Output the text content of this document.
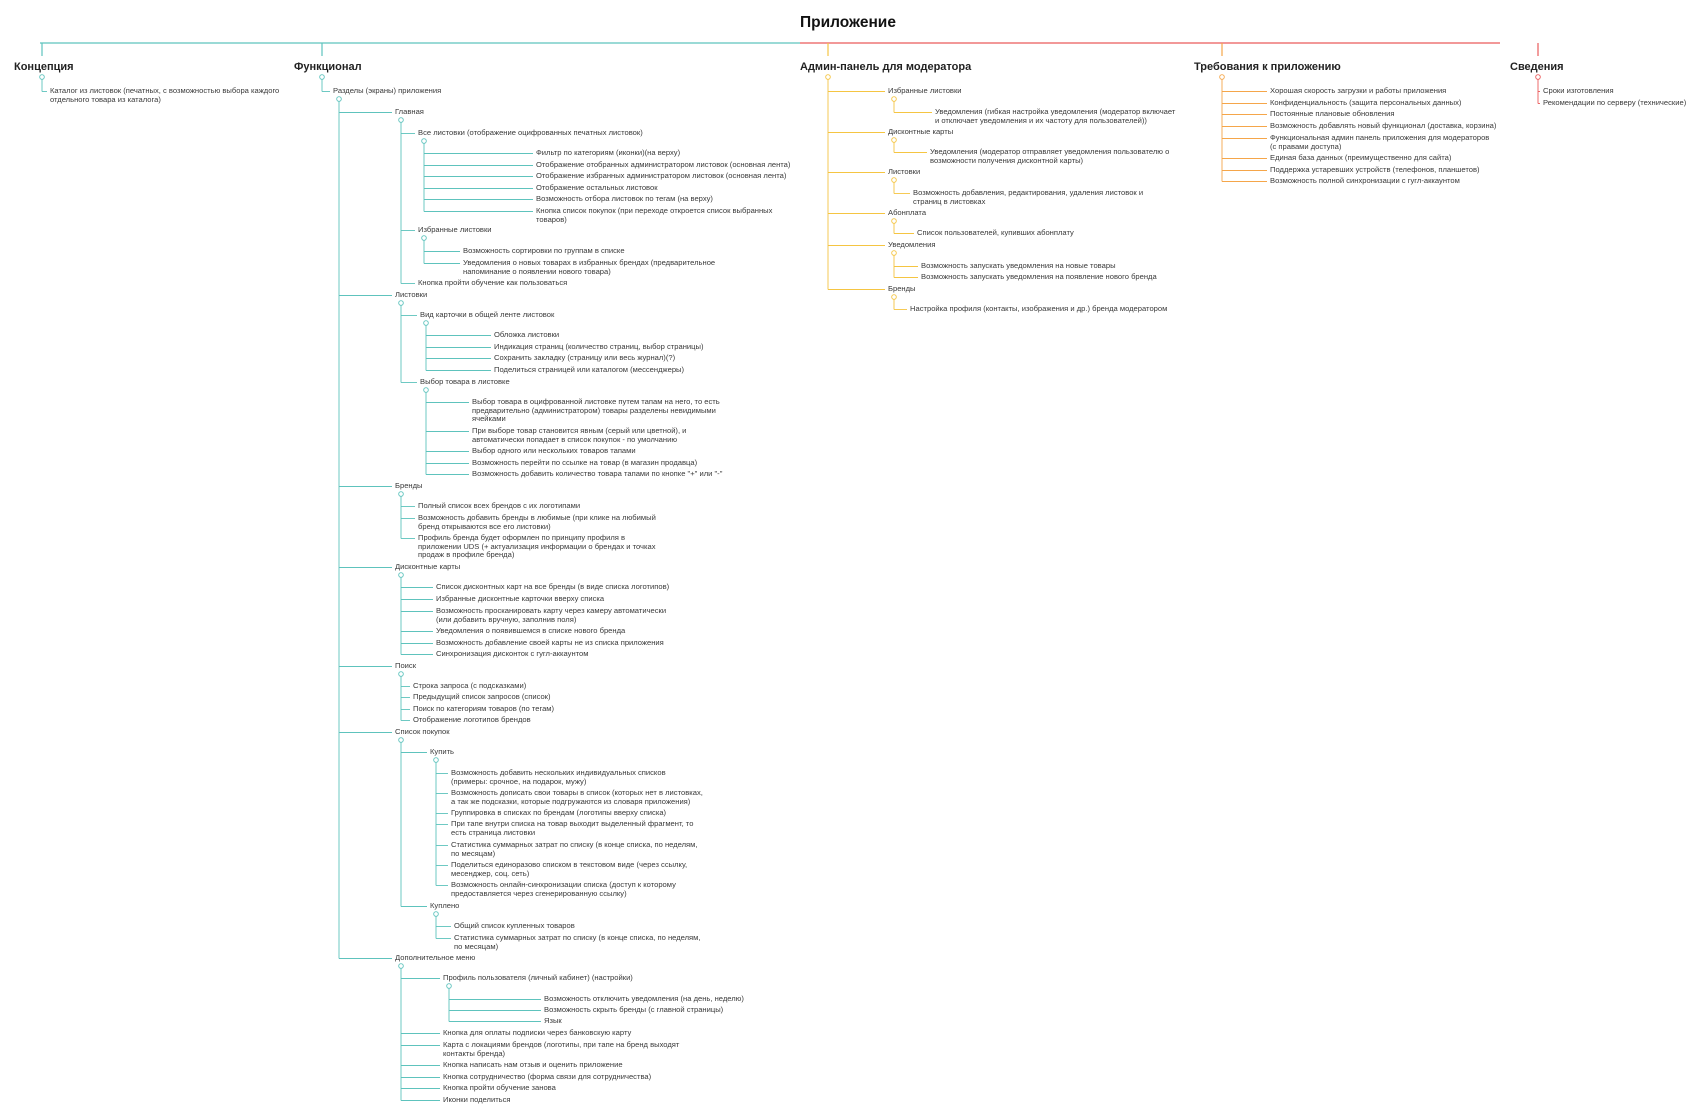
Приложение
Концепция
Каталог из листовок (печатных, с возможностью выбора каждого отдельного товара из каталога)
Функционал
Разделы (экраны) приложения
Главная
Все листовки (отображение оцифрованных печатных листовок)
Фильтр по категориям (иконки)(на верху)
Отображение отобранных администратором листовок (основная лента)
Отображение избранных администратором листовок (основная лента)
Отображение остальных листовок
Возможность отбора листовок по тегам (на верху)
Кнопка список покупок (при переходе откроется список выбранных товаров)
Избранные листовки
Возможность сортировки по группам в списке
Уведомления о новых товарах в избранных брендах (предварительное напоминание о появлении нового товара)
Кнопка пройти обучение как пользоваться
Листовки
Вид карточки в общей ленте листовок
Обложка листовки
Индикация страниц (количество страниц, выбор страницы)
Сохранить закладку (страницу или весь журнал)(?)
Поделиться страницей или каталогом (мессенджеры)
Выбор товара в листовке
Выбор товара в оцифрованной листовке путем тапам на него, то есть предварительно (администратором) товары разделены невидимыми ячейками
При выборе товар становится явным (серый или цветной), и автоматически попадает в список покупок - по умолчанию
Выбор одного или нескольких товаров тапами
Возможность перейти по ссылке на товар (в магазин продавца)
Возможность добавить количество товара тапами по кнопке "+" или "-"
Бренды
Полный список всех брендов с их логотипами
Возможность добавить бренды в любимые (при клике на любимый бренд открываются все его листовки)
Профиль бренда будет оформлен по принципу профиля в приложении UDS (+ актуализация информации о брендах и точках продаж в профиле бренда)
Дисконтные карты
Список дисконтных карт на все бренды (в виде списка логотипов)
Избранные дисконтные карточки вверху списка
Возможность просканировать карту через камеру автоматически (или добавить вручную, заполнив поля)
Уведомления о появившемся в списке нового бренда
Возможность добавление своей карты не из списка приложения
Синхронизация дисконток с гугл-аккаунтом
Поиск
Строка запроса (с подсказками)
Предыдущий список запросов (список)
Поиск по категориям товаров (по тегам)
Отображение логотипов брендов
Список покупок
Купить
Возможность добавить нескольких индивидуальных списков (примеры: срочное, на подарок, мужу)
Возможность дописать свои товары в список (которых нет в листовках, а так же подсказки, которые подгружаются из словаря приложения)
Группировка в списках по брендам (логотипы вверху списка)
При тапе внутри списка на товар выходит выделенный фрагмент, то есть страница листовки
Статистика суммарных затрат по списку (в конце списка, по неделям, по месяцам)
Поделиться единоразово списком в текстовом виде (через ссылку, месенджер, соц. сеть)
Возможность онлайн-синхронизации списка (доступ к которому предоставляется через сгенерированную ссылку)
Куплено
Общий список купленных товаров
Статистика суммарных затрат по списку (в конце списка, по неделям, по месяцам)
Дополнительное меню
Профиль пользователя (личный кабинет) (настройки)
Возможность отключить уведомления (на день, неделю)
Возможность скрыть бренды (с главной страницы)
Язык
Кнопка для оплаты подписки через банковскую карту
Карта с локациями брендов (логотипы, при тапе на бренд выходят контакты бренда)
Кнопка написать нам отзыв и оценить приложение
Кнопка сотрудничество (форма связи для сотрудничества)
Кнопка пройти обучение занова
Иконки поделиться
Админ-панель для модератора
Избранные листовки
Уведомления (гибкая настройка уведомления (модератор включает и отключает уведомления и их частоту для пользователей))
Дисконтные карты
Уведомления (модератор отправляет уведомления пользователю о возможности получения дисконтной карты)
Листовки
Возможность добавления, редактирования, удаления листовок и страниц в листовках
Абонплата
Список пользователей, купивших абонплату
Уведомления
Возможность запускать уведомления на новые товары
Возможность запускать уведомления на появление нового бренда
Бренды
Настройка профиля (контакты, изображения и др.) бренда модератором
Требования к приложению
Хорошая скорость загрузки и работы приложения
Конфиденциальность (защита персональных данных)
Постоянные плановые обновления
Возможность добавлять новый функционал (доставка, корзина)
Функциональная админ панель приложения для модераторов (с правами доступа)
Единая база данных (преимущественно для сайта)
Поддержка устаревших устройств (телефонов, планшетов)
Возможность полной синхронизации с гугл-аккаунтом
Сведения
Сроки изготовления
Рекомендации по серверу (технические)
